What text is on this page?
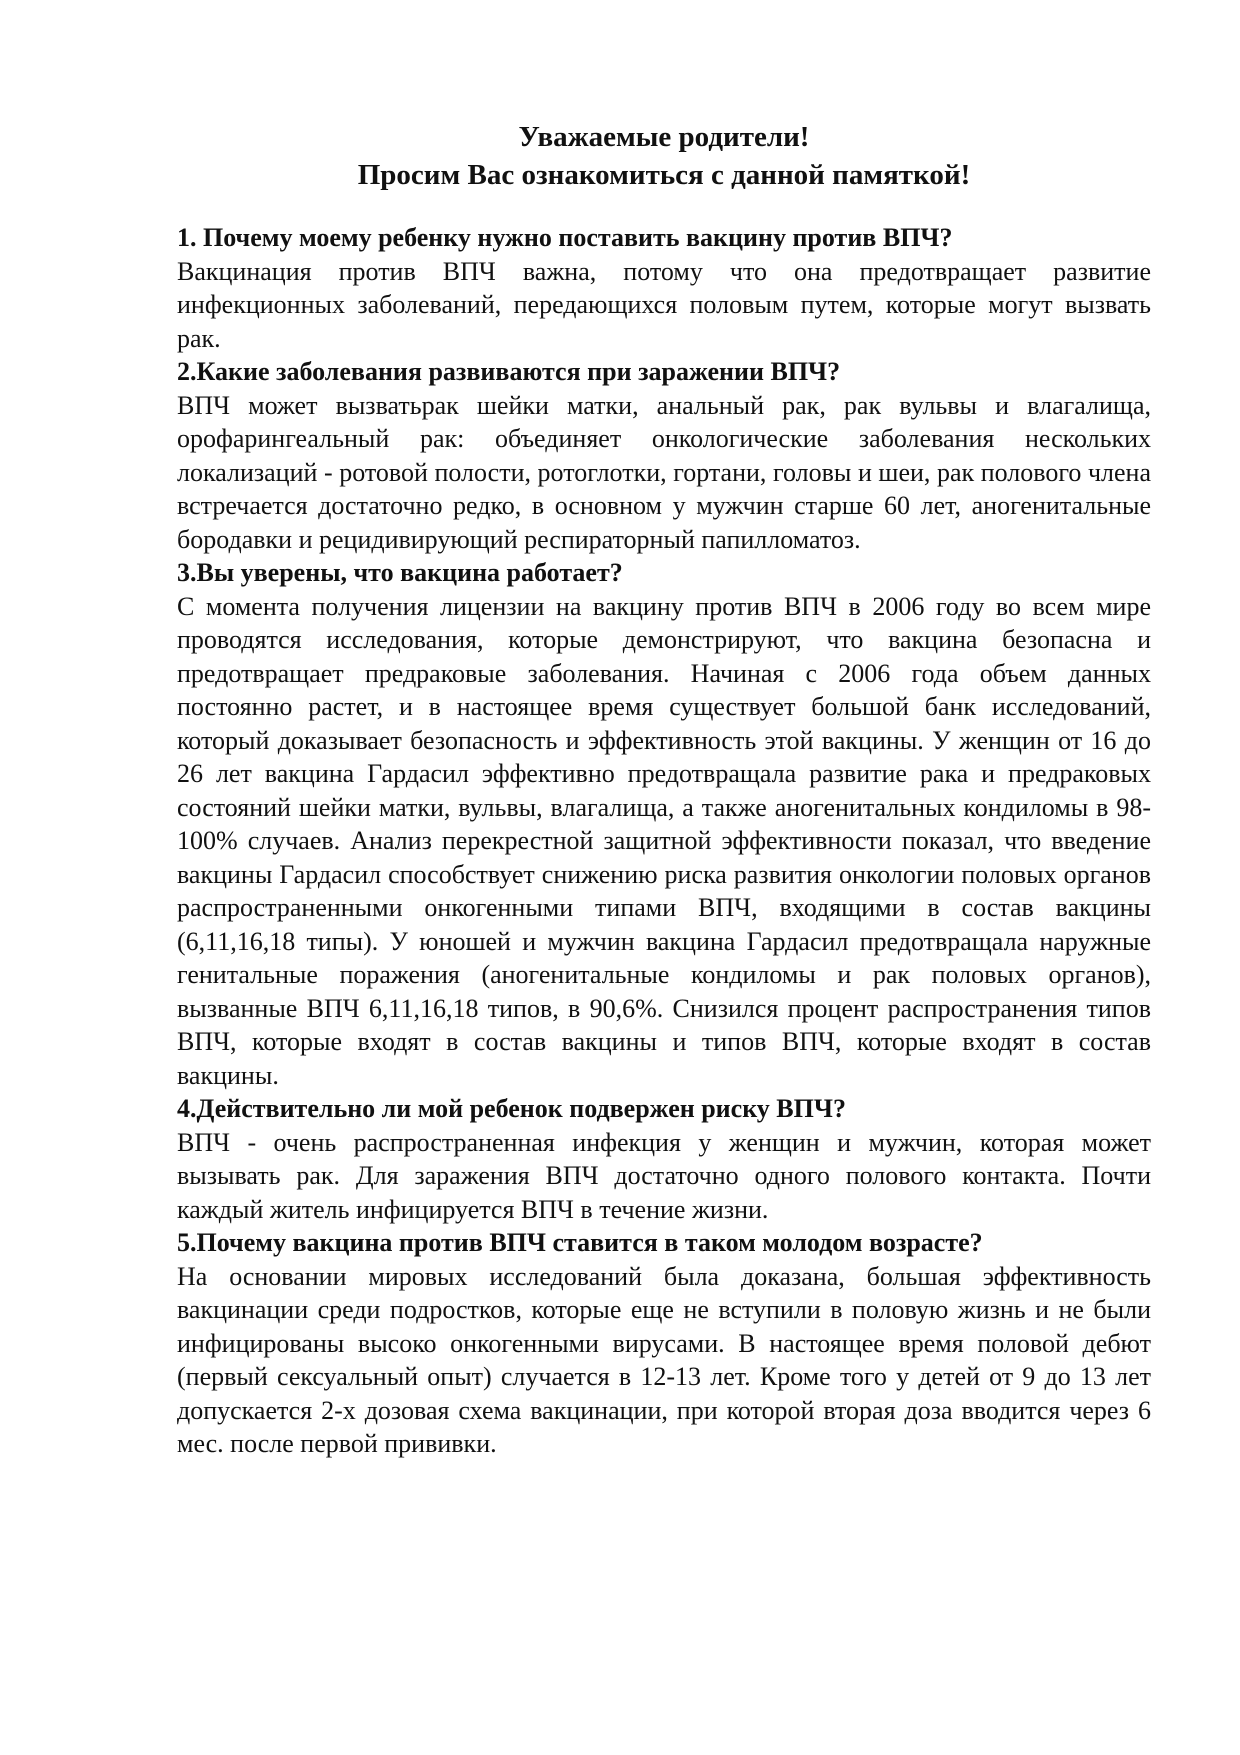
Уважаемые родители!

Просим Вас ознакомиться с данной памяткой!

1. Почему моему ребенку нужно поставить вакцину против ВПЧ?

Вакцинация против ВПЧ важна, потому что она предотвращает развитие инфекционных заболеваний, передающихся половым путем, которые могут вызвать рак.

2.Какие заболевания развиваются при заражении ВПЧ?

ВПЧ может вызватьрак шейки матки, анальный рак, рак вульвы и влагалища, орофарингеальный рак: объединяет онкологические заболевания нескольких локализаций - ротовой полости, ротоглотки, гортани, головы и шеи, рак полового члена встречается достаточно редко, в основном у мужчин старше 60 лет, аногенитальные бородавки и рецидивирующий респираторный папилломатоз.

3.Вы уверены, что вакцина работает?

С момента получения лицензии на вакцину против ВПЧ в 2006 году во всем мире проводятся исследования, которые демонстрируют, что вакцина безопасна и предотвращает предраковые заболевания. Начиная с 2006 года объем данных постоянно растет, и в настоящее время существует большой банк исследований, который доказывает безопасность и эффективность этой вакцины. У женщин от 16 до 26 лет вакцина Гардасил эффективно предотвращала развитие рака и предраковых состояний шейки матки, вульвы, влагалища, а также аногенитальных кондиломы в 98-100% случаев. Анализ перекрестной защитной эффективности показал, что введение вакцины Гардасил способствует снижению риска развития онкологии половых органов распространенными онкогенными типами ВПЧ, входящими в состав вакцины (6,11,16,18 типы). У юношей и мужчин вакцина Гардасил предотвращала наружные генитальные поражения (аногенитальные кондиломы и рак половых органов), вызванные ВПЧ 6,11,16,18 типов, в 90,6%. Снизился процент распространения типов ВПЧ, которые входят в состав вакцины и типов ВПЧ, которые входят в состав вакцины.

4.Действительно ли мой ребенок подвержен риску ВПЧ?

ВПЧ - очень распространенная инфекция у женщин и мужчин, которая может вызывать рак. Для заражения ВПЧ достаточно одного полового контакта. Почти каждый житель инфицируется ВПЧ в течение жизни.

5.Почему вакцина против ВПЧ ставится в таком молодом возрасте?

На основании мировых исследований была доказана, большая эффективность вакцинации среди подростков, которые еще не вступили в половую жизнь и не были инфицированы высоко онкогенными вирусами. В настоящее время половой дебют (первый сексуальный опыт) случается в 12-13 лет. Кроме того у детей от 9 до 13 лет допускается 2-х дозовая схема вакцинации, при которой вторая доза вводится через 6 мес. после первой прививки.
